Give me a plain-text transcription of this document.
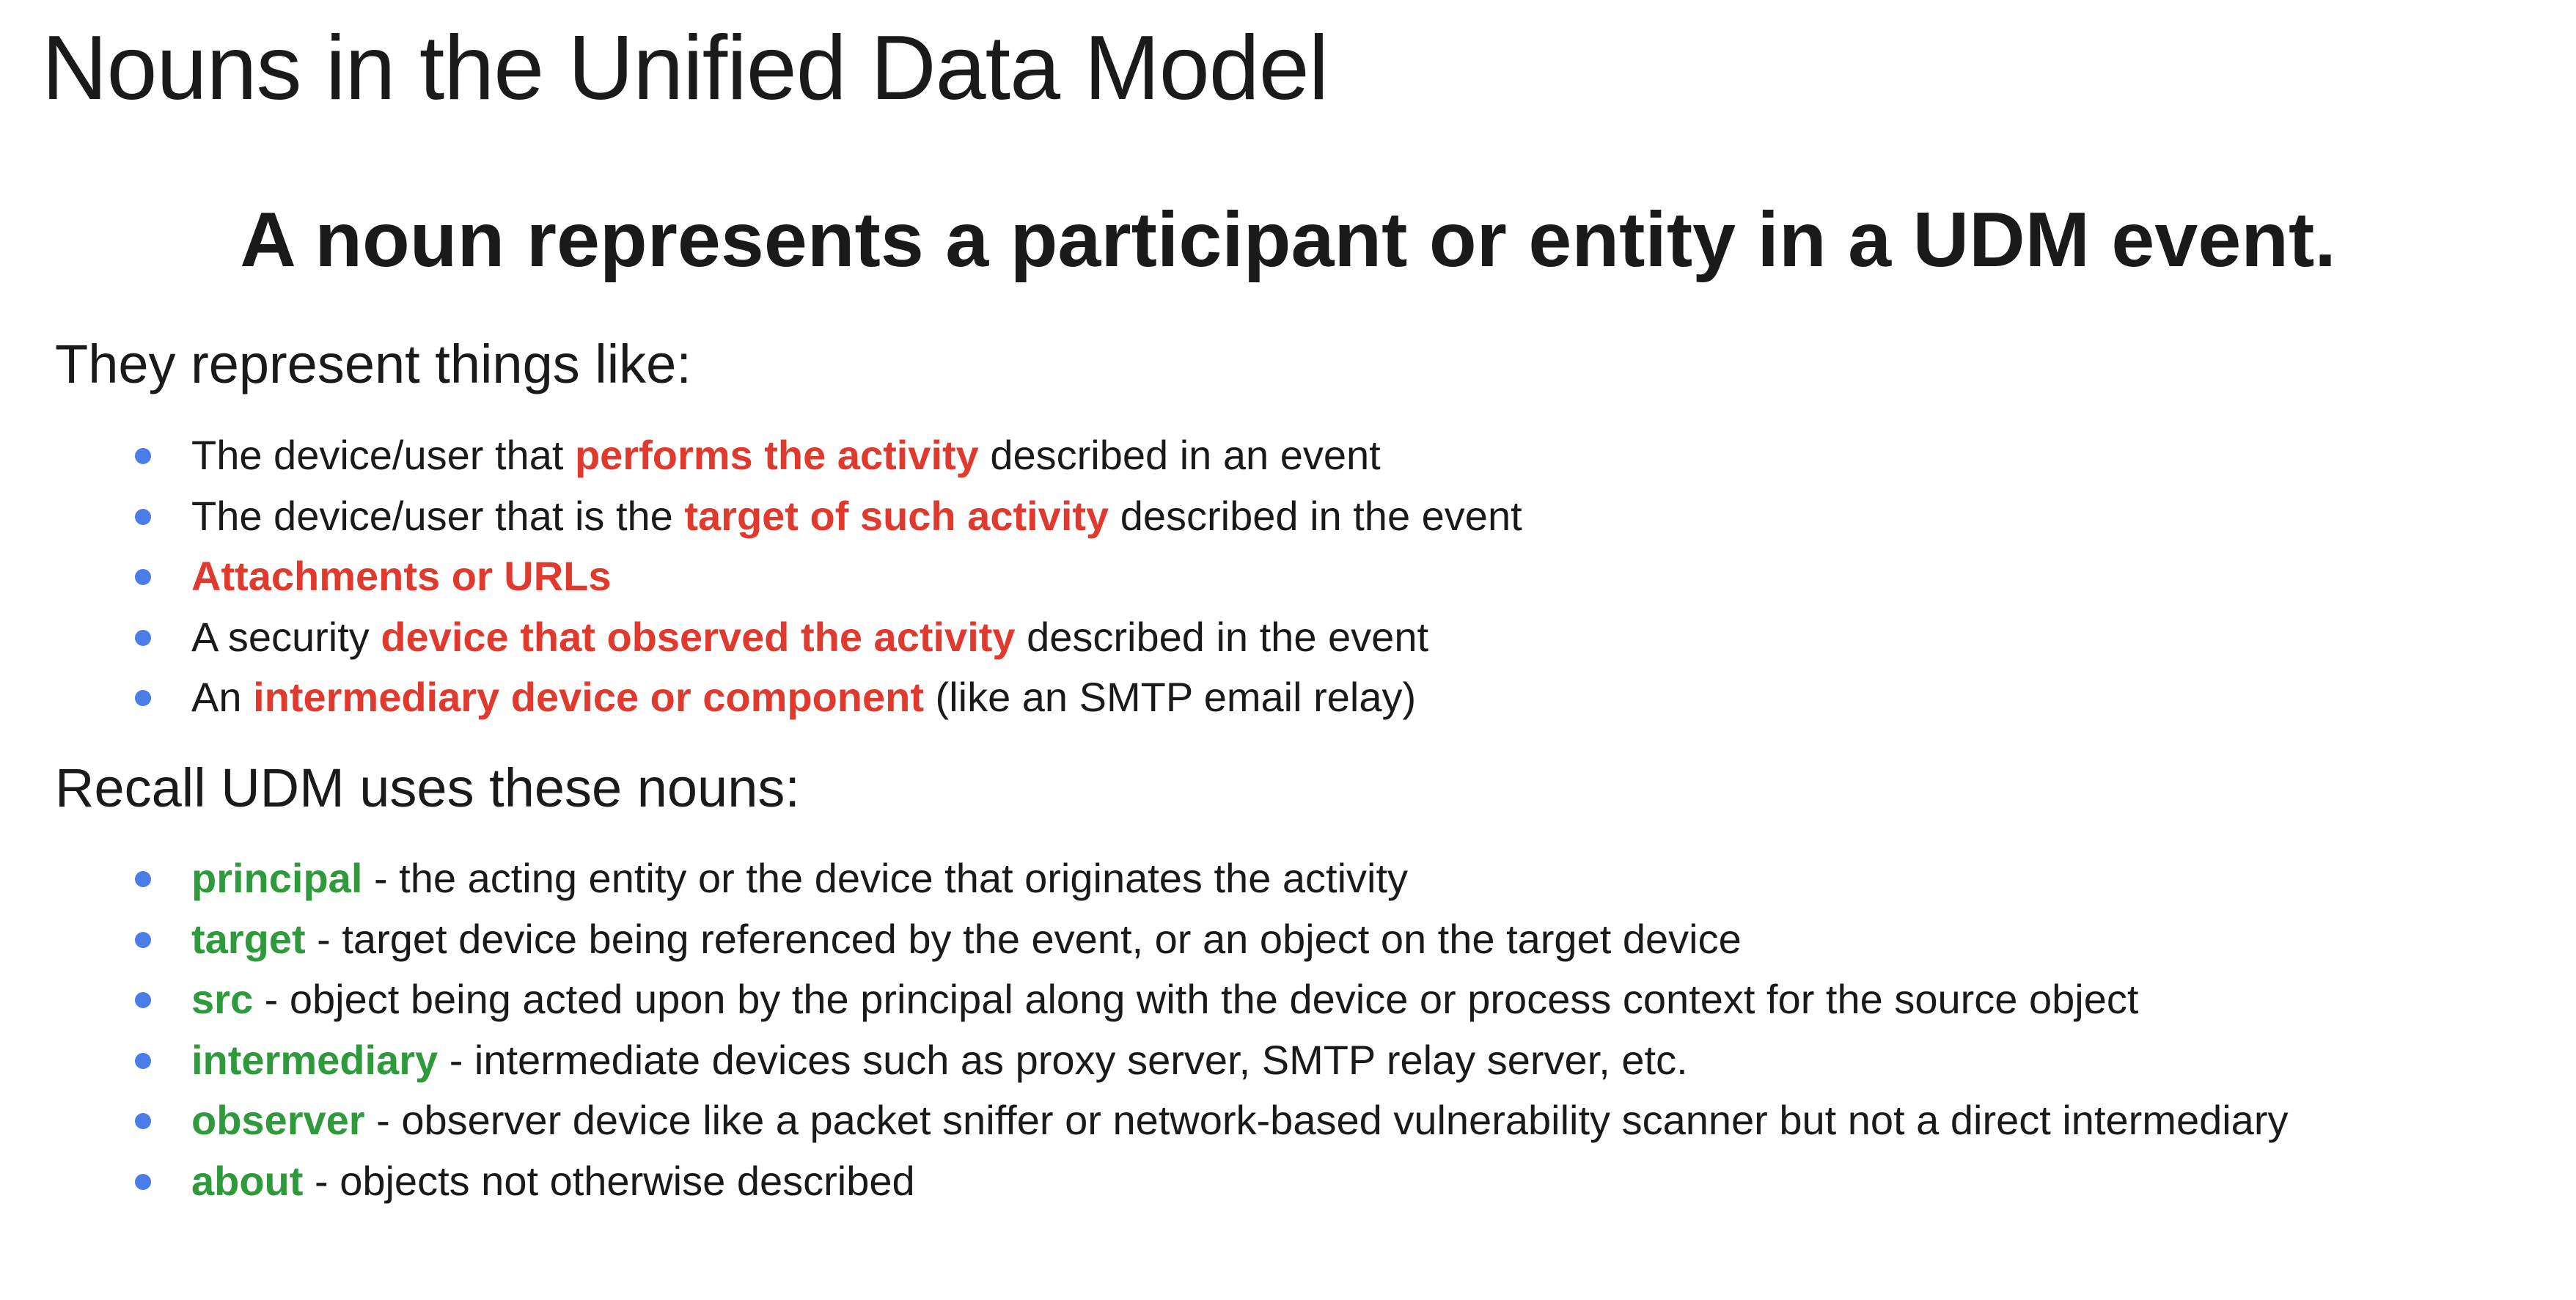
Nouns in the Unified Data Model
A noun represents a participant or entity in a UDM event.
They represent things like:
The device/user that performs the activity described in an event
The device/user that is the target of such activity described in the event
Attachments or URLs
A security device that observed the activity described in the event
An intermediary device or component (like an SMTP email relay)
Recall UDM uses these nouns:
principal - the acting entity or the device that originates the activity
target - target device being referenced by the event, or an object on the target device
src - object being acted upon by the principal along with the device or process context for the source object
intermediary - intermediate devices such as proxy server, SMTP relay server, etc.
observer - observer device like a packet sniffer or network-based vulnerability scanner but not a direct intermediary
about - objects not otherwise described
